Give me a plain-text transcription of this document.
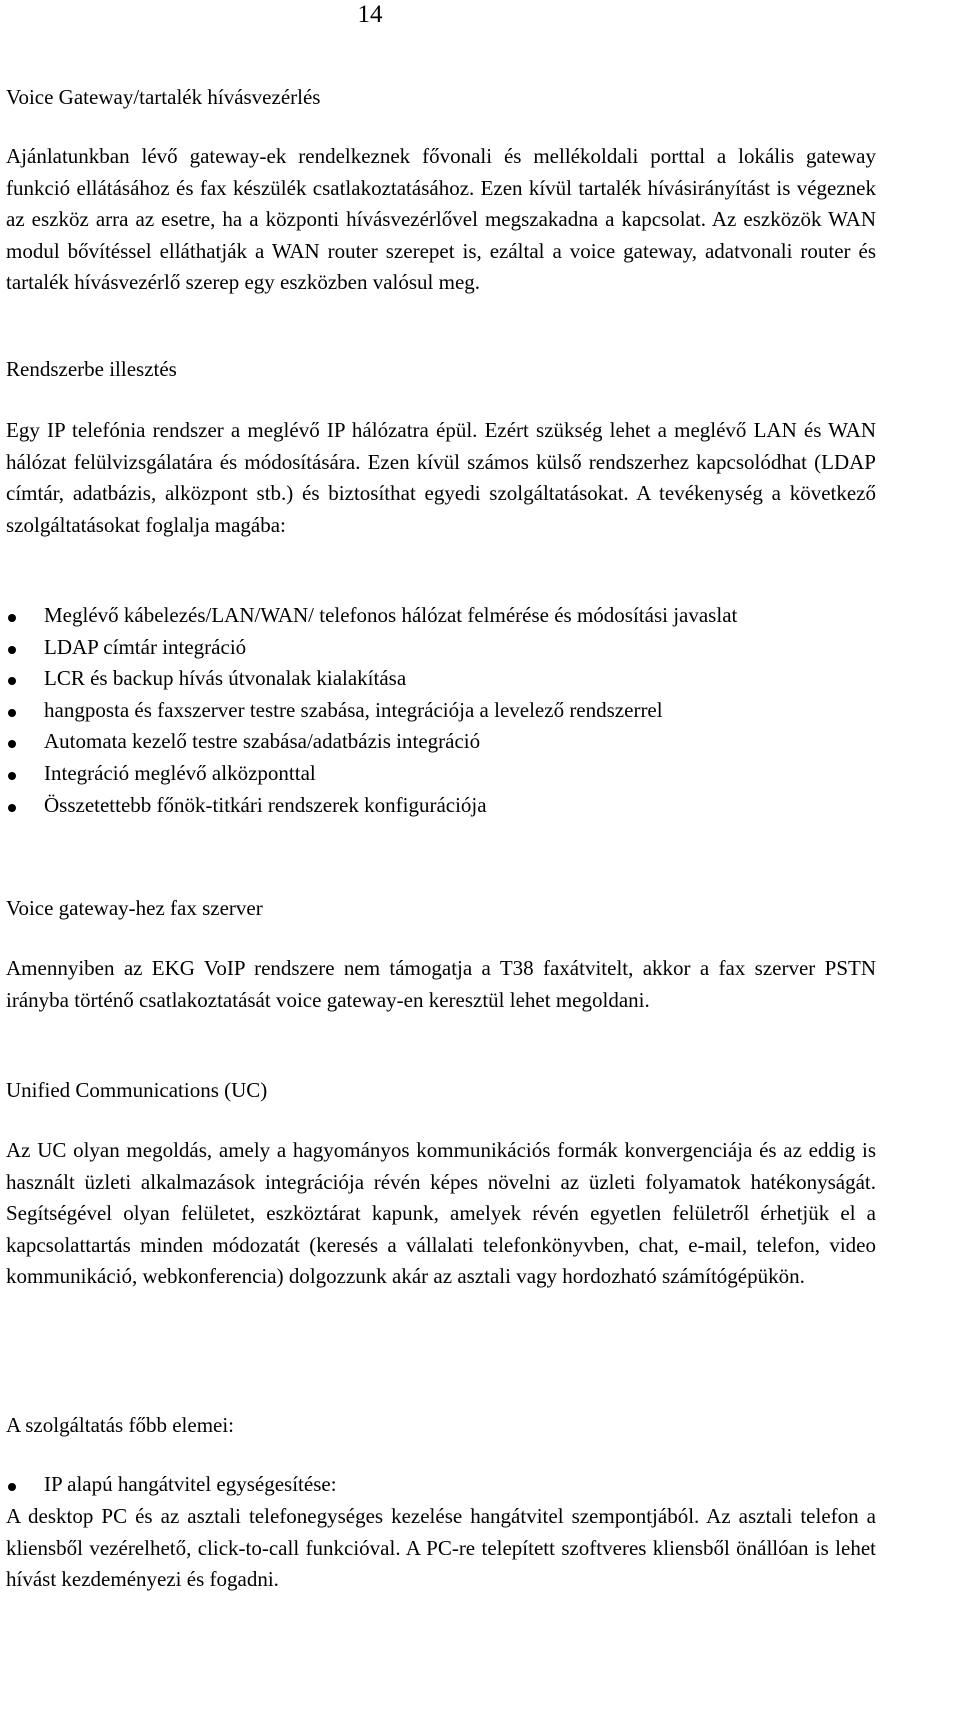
14
Voice Gateway/tartalék hívásvezérlés
Ajánlatunkban lévő gateway-ek rendelkeznek fővonali és mellékoldali porttal a lokális gateway funkció ellátásához és fax készülék csatlakoztatásához. Ezen kívül tartalék hívásirányítást is végeznek az eszköz arra az esetre, ha a központi hívásvezérlővel megszakadna a kapcsolat. Az eszközök WAN modul bővítéssel elláthatják a WAN router szerepet is, ezáltal a voice gateway, adatvonali router és tartalék hívásvezérlő szerep egy eszközben valósul meg.
Rendszerbe illesztés
Egy IP telefónia rendszer a meglévő IP hálózatra épül. Ezért szükség lehet a meglévő LAN és WAN hálózat felülvizsgálatára és módosítására. Ezen kívül számos külső rendszerhez kapcsolódhat (LDAP címtár, adatbázis, alközpont stb.) és biztosíthat egyedi szolgáltatásokat. A tevékenység a következő szolgáltatásokat foglalja magába:
Meglévő kábelezés/LAN/WAN/ telefonos hálózat felmérése és módosítási javaslat
LDAP címtár integráció
LCR és backup hívás útvonalak kialakítása
hangposta és faxszerver testre szabása, integrációja a levelező rendszerrel
Automata kezelő testre szabása/adatbázis integráció
Integráció meglévő alközponttal
Összetettebb főnök-titkári rendszerek konfigurációja
Voice gateway-hez fax szerver
Amennyiben az EKG VoIP rendszere nem támogatja a T38 faxátvitelt, akkor a fax szerver PSTN irányba történő csatlakoztatását voice gateway-en keresztül lehet megoldani.
Unified Communications (UC)
Az UC olyan megoldás, amely a hagyományos kommunikációs formák konvergenciája és az eddig is használt üzleti alkalmazások integrációja révén képes növelni az üzleti folyamatok hatékonyságát. Segítségével olyan felületet, eszköztárat kapunk, amelyek révén egyetlen felületről érhetjük el a kapcsolattartás minden módozatát (keresés a vállalati telefonkönyvben, chat, e-mail, telefon, video kommunikáció, webkonferencia) dolgozzunk akár az asztali vagy hordozható számítógépükön.
A szolgáltatás főbb elemei:
IP alapú hangátvitel egységesítése:
A desktop PC és az asztali telefonegységes kezelése hangátvitel szempontjából. Az asztali telefon a kliensből vezérelhető, click-to-call funkcióval. A PC-re telepített szoftveres kliensből önállóan is lehet hívást kezdeményezi és fogadni.
